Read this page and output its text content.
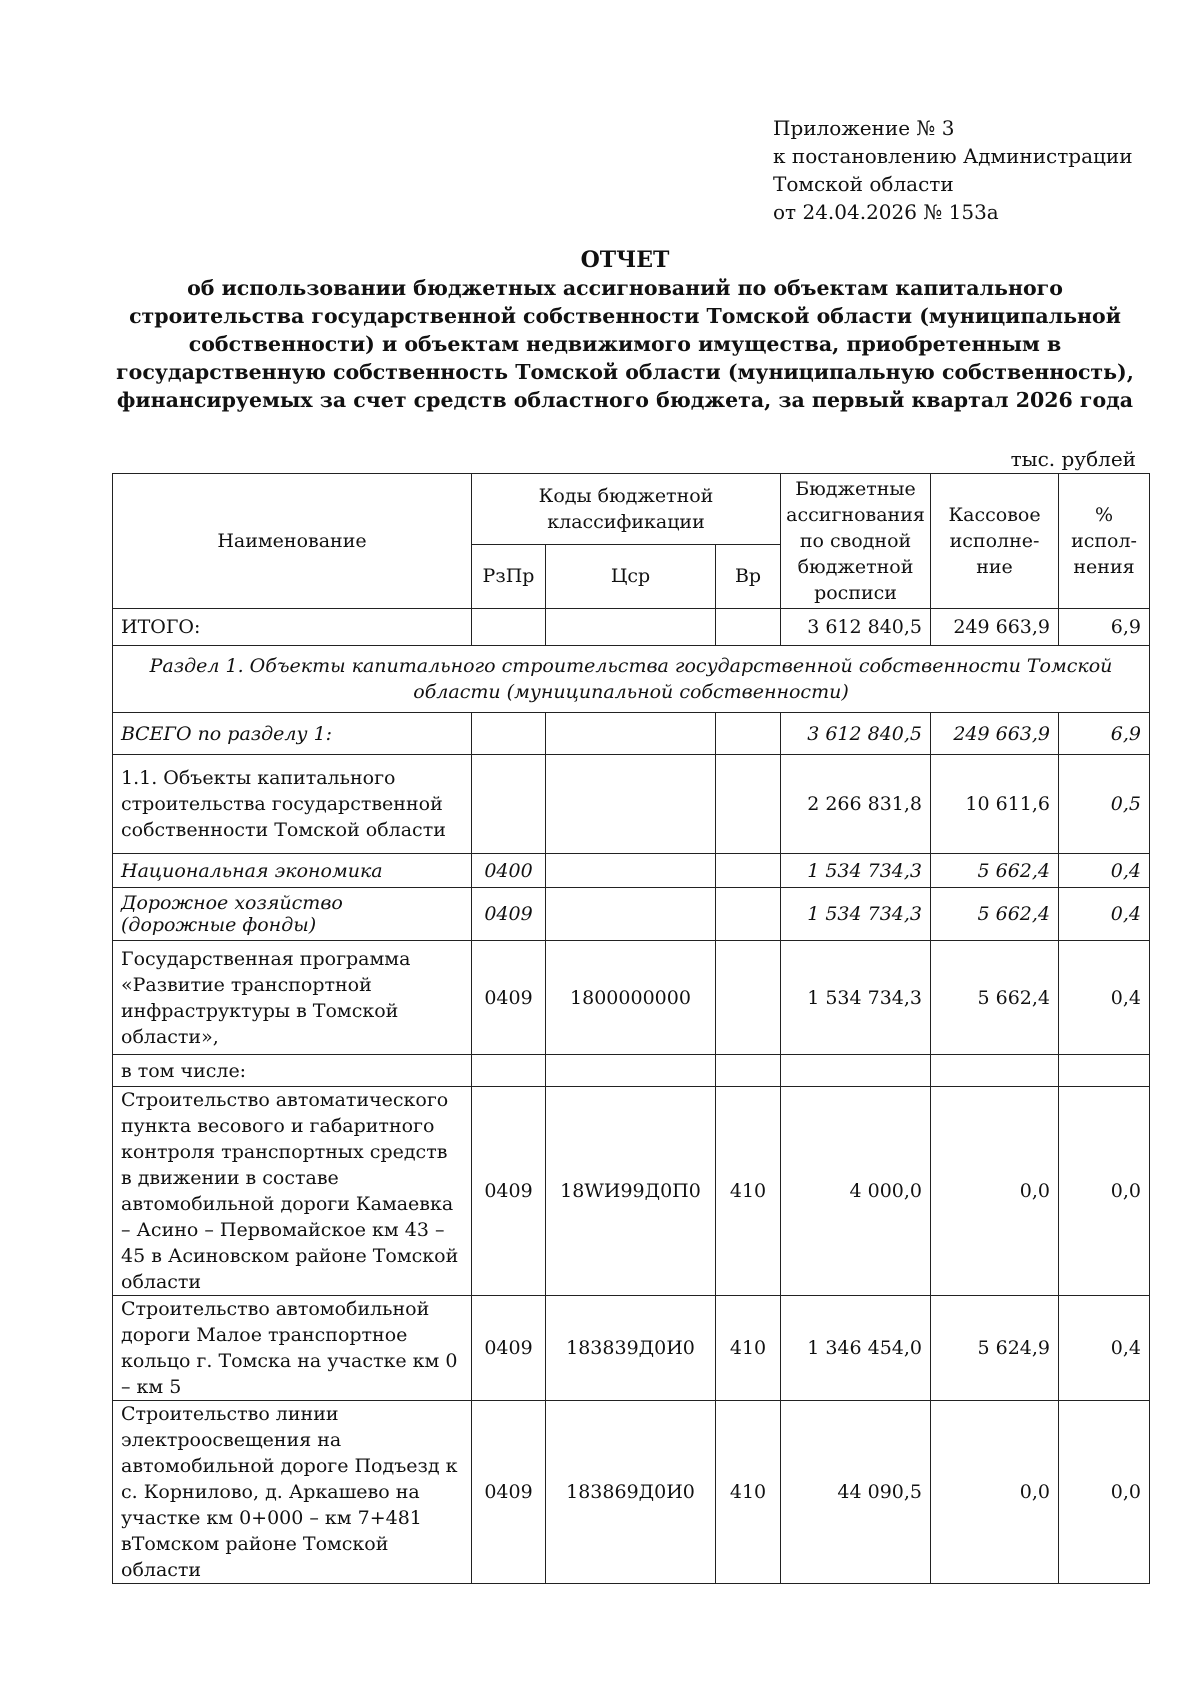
Приложение № 3
к постановлению Администрации
Томской области
от 24.04.2026 № 153а
ОТЧЕТ
об использовании бюджетных ассигнований по объектам капитального
строительства государственной собственности Томской области (муниципальной
собственности) и объектам недвижимого имущества, приобретенным в
государственную собственность Томской области (муниципальную собственность),
финансируемых за счет средств областного бюджета, за первый квартал 2026 года
тыс. рублей
Наименование	Коды бюджетной классификации			Бюджетные ассигнования по сводной бюджетной росписи	Кассовое исполне-ние	% испол-нения
	РзПр	Цср	Вр			
ИТОГО:				3 612 840,5	249 663,9	6,9
Раздел 1. Объекты капитального строительства государственной собственности Томской области (муниципальной собственности)						
ВСЕГО по разделу 1:				3 612 840,5	249 663,9	6,9
1.1. Объекты капитального строительства государственной собственности Томской области				2 266 831,8	10 611,6	0,5
Национальная экономика	0400			1 534 734,3	5 662,4	0,4
Дорожное хозяйство (дорожные фонды)	0409			1 534 734,3	5 662,4	0,4
Государственная программа «Развитие транспортной инфраструктуры в Томской области»,	0409	1800000000		1 534 734,3	5 662,4	0,4
в том числе:						
Строительство автоматического пункта весового и габаритного контроля транспортных средств в движении в составе автомобильной дороги Камаевка – Асино – Первомайское км 43 – 45 в Асиновском районе Томской области	0409	18WИ99Д0П0	410	4 000,0	0,0	0,0
Строительство автомобильной дороги Малое транспортное кольцо г. Томска на участке км 0 – км 5	0409	183839Д0И0	410	1 346 454,0	5 624,9	0,4
Строительство линии электроосвещения на автомобильной дороге Подъезд к с. Корнилово, д. Аркашево на участке км 0+000 – км 7+481 вТомском районе Томской области	0409	183869Д0И0	410	44 090,5	0,0	0,0
